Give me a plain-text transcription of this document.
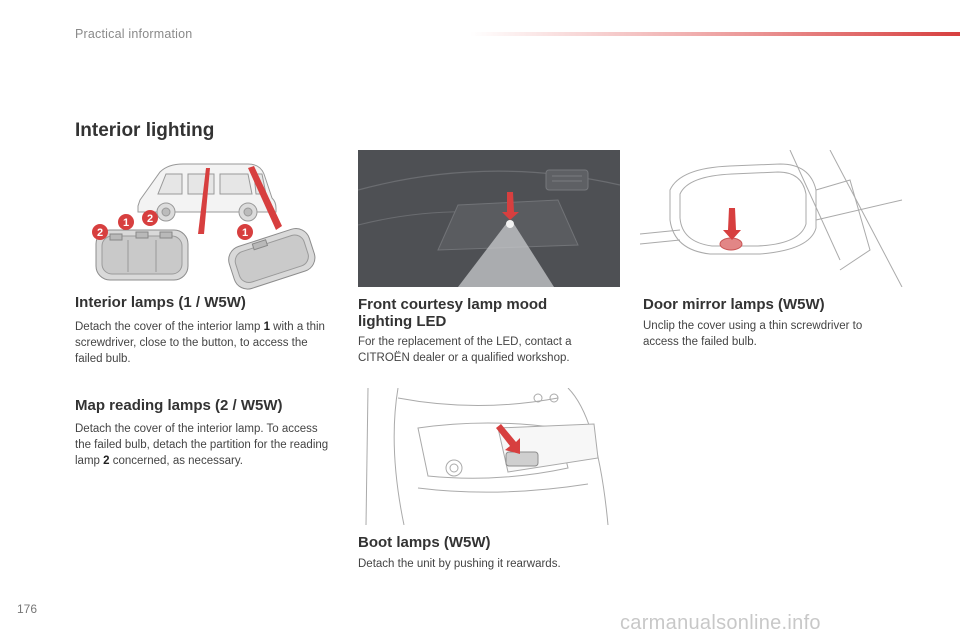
Practical information
Interior lighting
2
1 2
1
Interior lamps (1 / W5W)
Detach the cover of the interior lamp 1 with a thin screwdriver, close to the button, to access the failed bulb.
Map reading lamps (2 / W5W)
Detach the cover of the interior lamp. To access the failed bulb, detach the partition for the reading lamp 2 concerned, as necessary.
Front courtesy lamp mood
lighting LED
For the replacement of the LED, contact a CITROËN dealer or a qualified workshop.
Boot lamps (W5W)
Detach the unit by pushing it rearwards.
Door mirror lamps (W5W)
Unclip the cover using a thin screwdriver to access the failed bulb.
176
carmanualsonline.info
